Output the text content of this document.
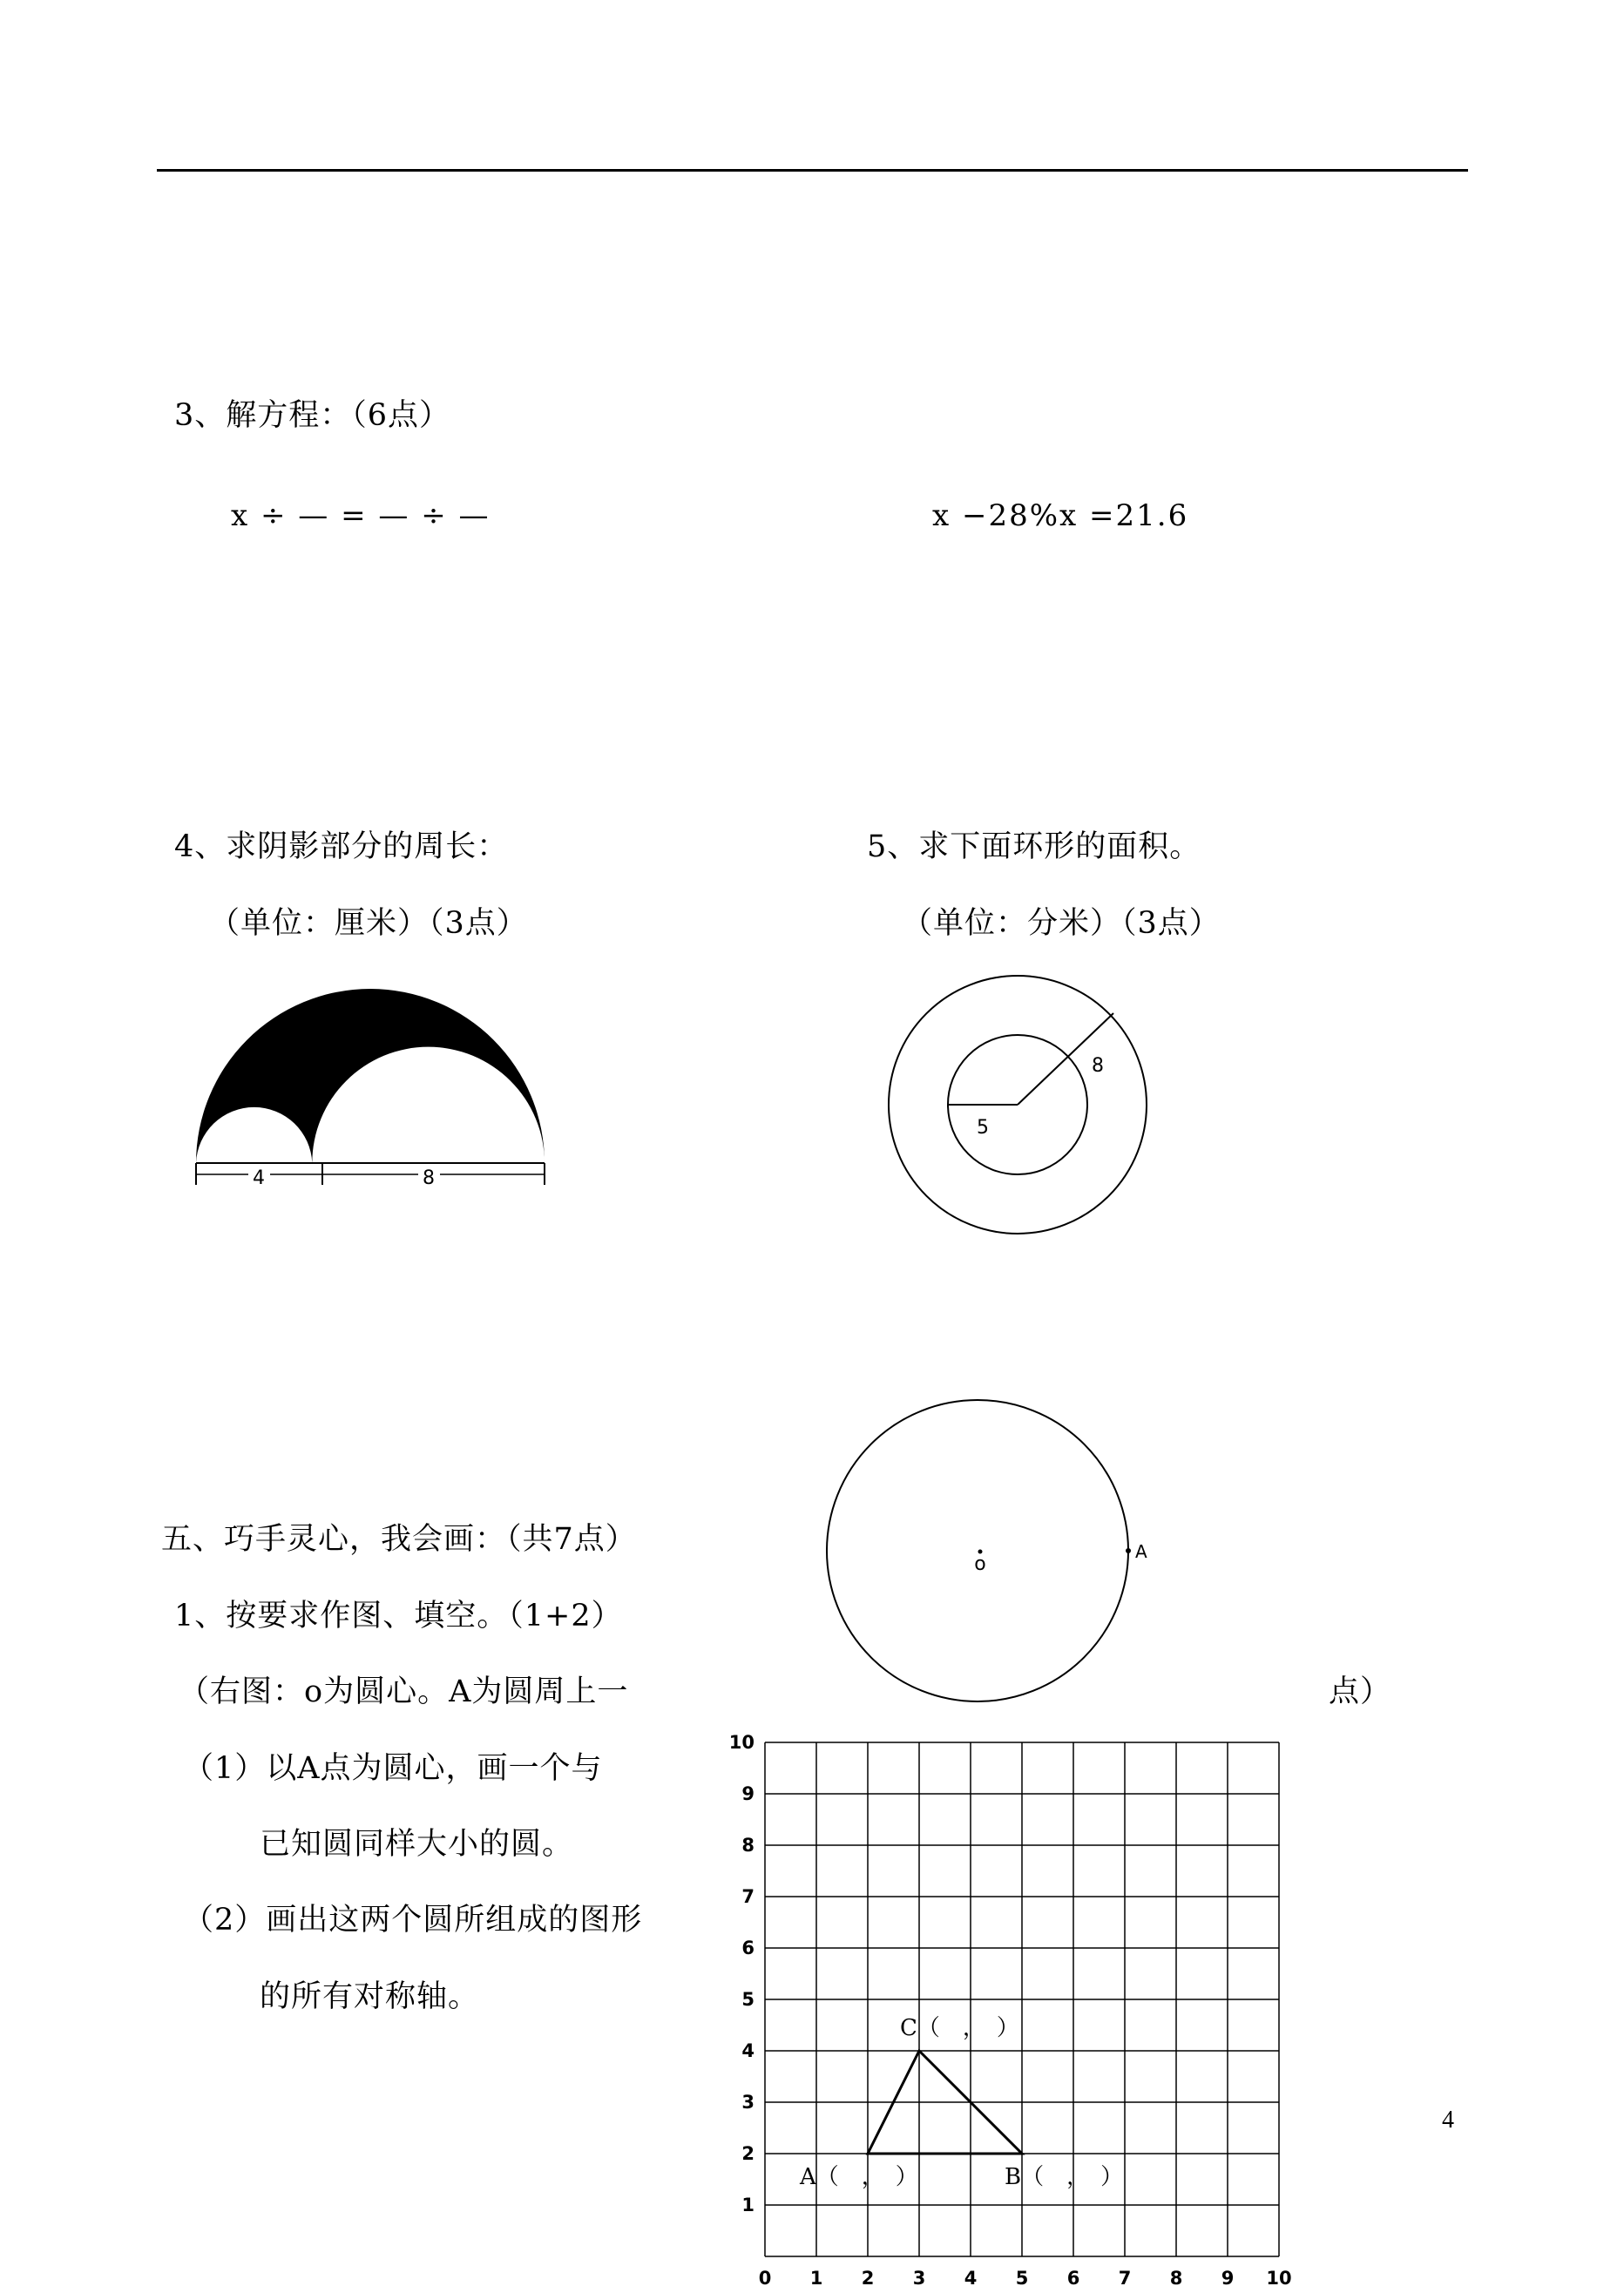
3、解方程：（6点）
x ÷ — = — ÷ —	x −28%x =21.6
4、求阴影部分的周长：
（单位：厘米）（3点）
4	8
5、求下面环形的面积。
（单位：分米）（3点）
8
5
五、巧手灵心，我会画：（共7点）
1、按要求作图、填空。（1+2）
（右图：o为圆心。A为圆周上一	点）
（1）以A点为圆心，画一个与
已知圆同样大小的圆。
（2）画出这两个圆所组成的图形
的所有对称轴。
o
A
0 1 2 3 4 5 6 7 8 9 10
1
2
3
4
5
6
7
8
9
10
A（　，　）	B（　，　）
C（　，　）
4
